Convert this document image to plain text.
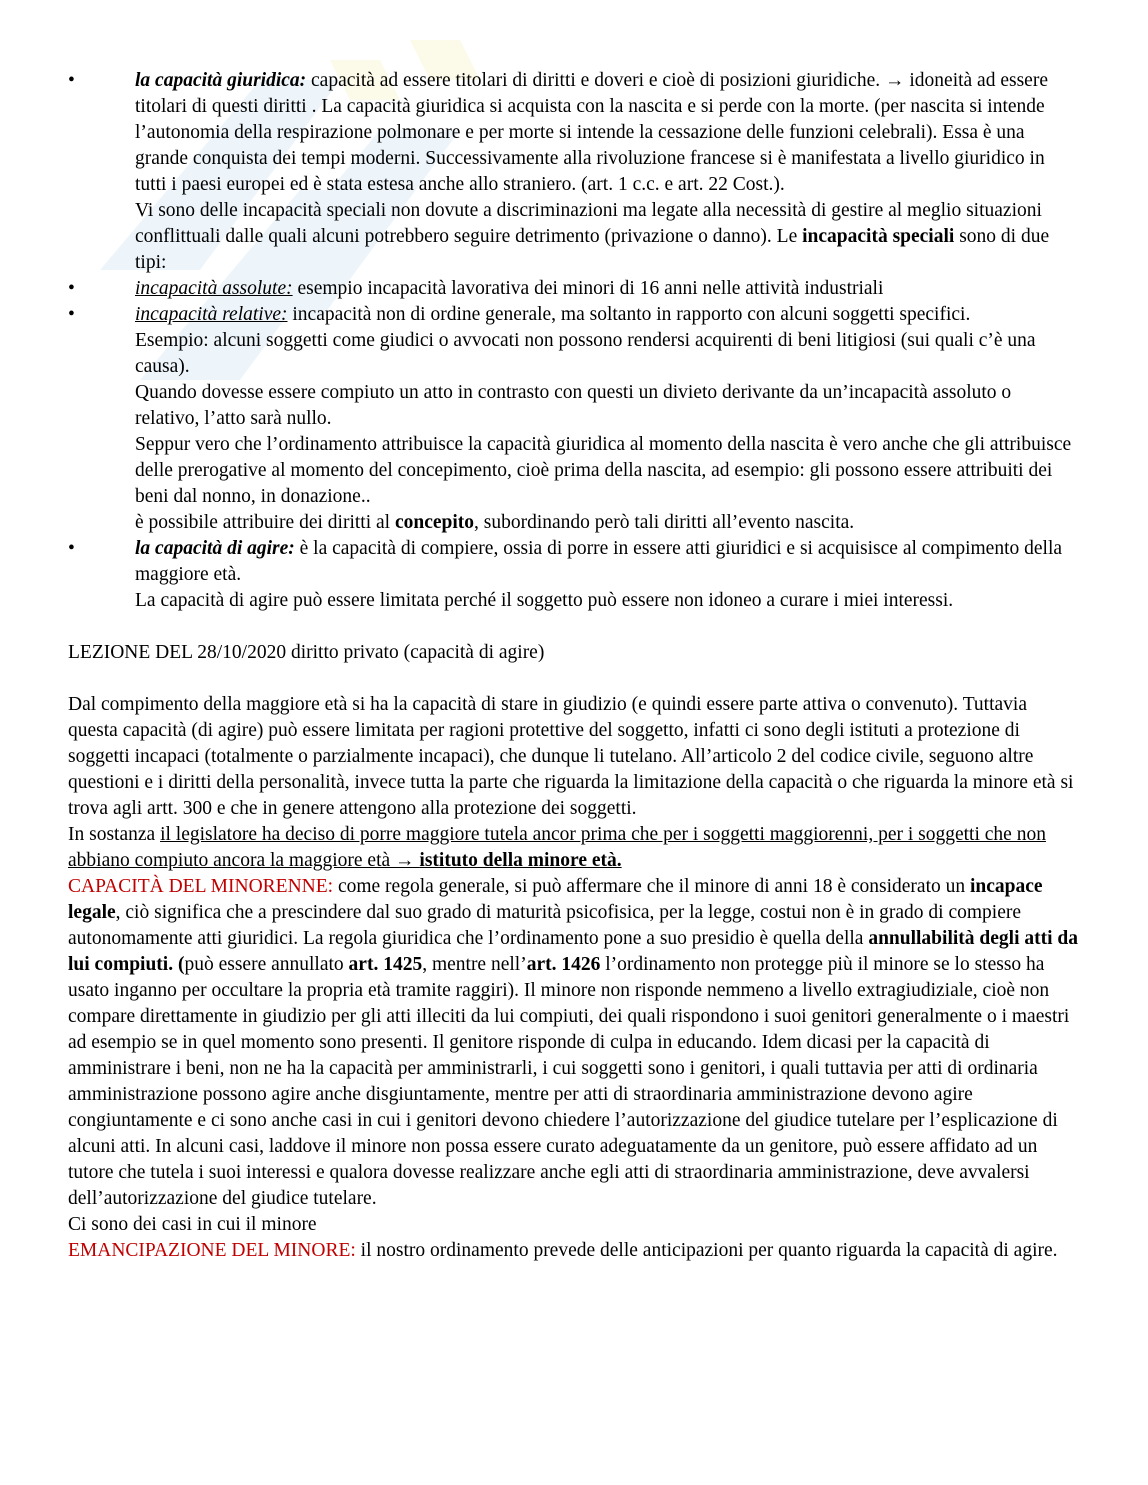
•	la capacità giuridica: capacità ad essere titolari di diritti e doveri e cioè di posizioni giuridiche. → idoneità ad essere titolari di questi diritti . La capacità giuridica si acquista con la nascita e si perde con la morte. (per nascita si intende l’autonomia della respirazione polmonare e per morte si intende la cessazione delle funzioni celebrali). Essa è una grande conquista dei tempi moderni. Successivamente alla rivoluzione francese si è manifestata a livello giuridico in tutti i paesi europei ed è stata estesa anche allo straniero. (art. 1 c.c. e art. 22 Cost.).

Vi sono delle incapacità speciali non dovute a discriminazioni ma legate alla necessità di gestire al meglio situazioni conflittuali dalle quali alcuni potrebbero seguire detrimento (privazione o danno). Le incapacità speciali sono di due tipi:

•	incapacità assolute: esempio incapacità lavorativa dei minori di 16 anni nelle attività industriali

•	incapacità relative: incapacità non di ordine generale, ma soltanto in rapporto con alcuni soggetti specifici.

Esempio: alcuni soggetti come giudici o avvocati non possono rendersi acquirenti di beni litigiosi (sui quali c’è una causa).

Quando dovesse essere compiuto un atto in contrasto con questi un divieto derivante da un’incapacità assoluto o relativo, l’atto sarà nullo.

Seppur vero che l’ordinamento attribuisce la capacità giuridica al momento della nascita è vero anche che gli attribuisce delle prerogative al momento del concepimento, cioè prima della nascita, ad esempio: gli possono essere attribuiti dei beni dal nonno, in donazione..

è possibile attribuire dei diritti al concepito, subordinando però tali diritti all’evento nascita.

•	la capacità di agire: è la capacità di compiere, ossia di porre in essere atti giuridici e si acquisisce al compimento della maggiore età.

La capacità di agire può essere limitata perché il soggetto può essere non idoneo a curare i miei interessi.

LEZIONE DEL 28/10/2020 diritto privato (capacità di agire)

Dal compimento della maggiore età si ha la capacità di stare in giudizio (e quindi essere parte attiva o convenuto). Tuttavia questa capacità (di agire) può essere limitata per ragioni protettive del soggetto, infatti ci sono degli istituti a protezione di soggetti incapaci (totalmente o parzialmente incapaci), che dunque li tutelano. All’articolo 2 del codice civile, seguono altre questioni e i diritti della personalità, invece tutta la parte che riguarda la limitazione della capacità o che riguarda la minore età si trova agli artt. 300 e che in genere attengono alla protezione dei soggetti.

In sostanza il legislatore ha deciso di porre maggiore tutela ancor prima che per i soggetti maggiorenni, per i soggetti che non abbiano compiuto ancora la maggiore età → istituto della minore età.

CAPACITÀ DEL MINORENNE: come regola generale, si può affermare che il minore di anni 18 è considerato un incapace legale, ciò significa che a prescindere dal suo grado di maturità psicofisica, per la legge, costui non è in grado di compiere autonomamente atti giuridici. La regola giuridica che l’ordinamento pone a suo presidio è quella della annullabilità degli atti da lui compiuti. (può essere annullato art. 1425, mentre nell’art. 1426 l’ordinamento non protegge più il minore se lo stesso ha usato inganno per occultare la propria età tramite raggiri). Il minore non risponde nemmeno a livello extragiudiziale, cioè non compare direttamente in giudizio per gli atti illeciti da lui compiuti, dei quali rispondono i suoi genitori generalmente o i maestri ad esempio se in quel momento sono presenti. Il genitore risponde di culpa in educando. Idem dicasi per la capacità di amministrare i beni, non ne ha la capacità per amministrarli, i cui soggetti sono i genitori, i quali tuttavia per atti di ordinaria amministrazione possono agire anche disgiuntamente, mentre per atti di straordinaria amministrazione devono agire congiuntamente e ci sono anche casi in cui i genitori devono chiedere l’autorizzazione del giudice tutelare per l’esplicazione di alcuni atti. In alcuni casi, laddove il minore non possa essere curato adeguatamente da un genitore, può essere affidato ad un tutore che tutela i suoi interessi e qualora dovesse realizzare anche egli atti di straordinaria amministrazione, deve avvalersi dell’autorizzazione del giudice tutelare.

Ci sono dei casi in cui il minore

EMANCIPAZIONE DEL MINORE: il nostro ordinamento prevede delle anticipazioni per quanto riguarda la capacità di agire.
